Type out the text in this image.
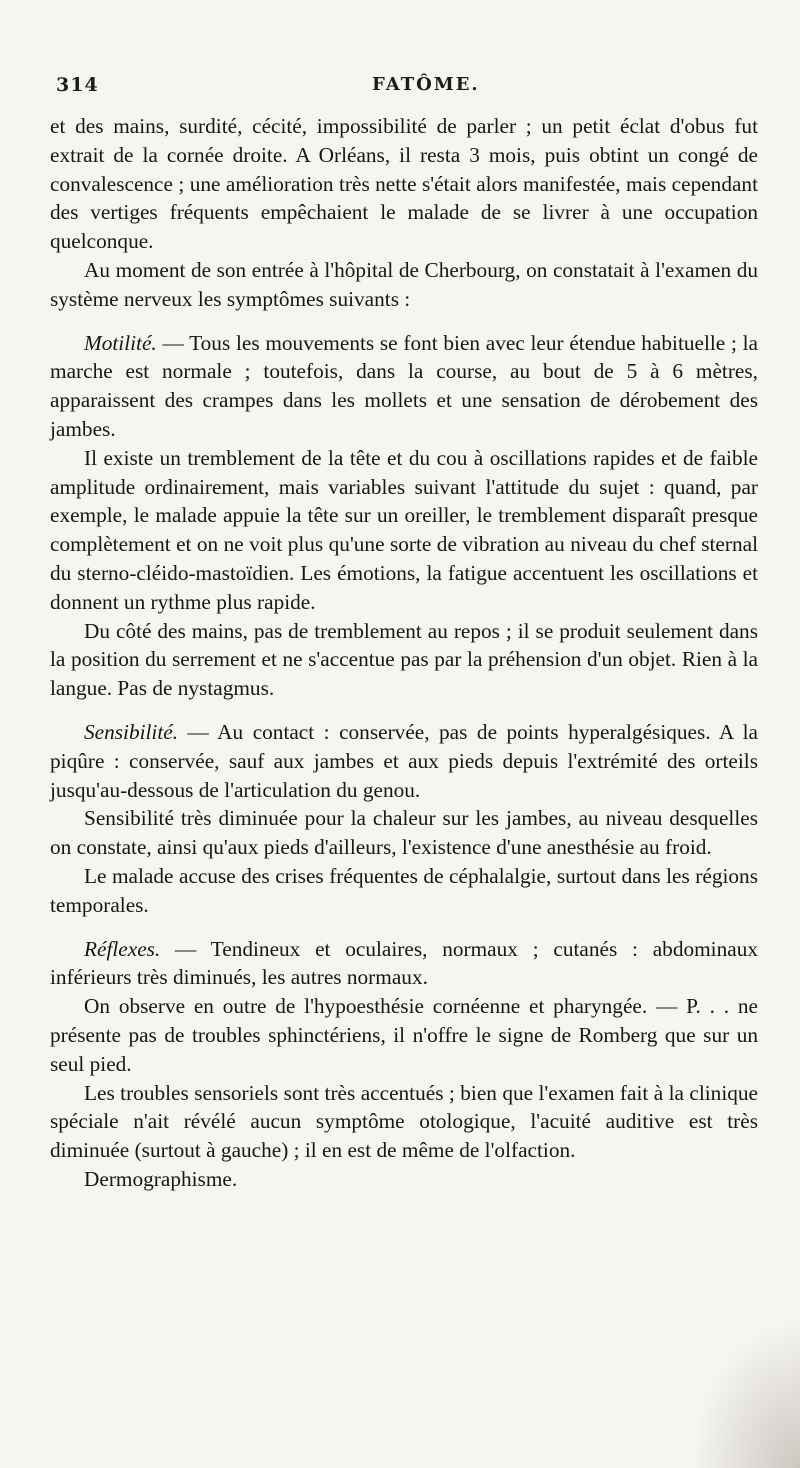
314	FATÔME.

et des mains, surdité, cécité, impossibilité de parler ; un petit éclat d'obus fut extrait de la cornée droite. A Orléans, il resta 3 mois, puis obtint un congé de convalescence ; une amélioration très nette s'était alors manifestée, mais cependant des vertiges fréquents empêchaient le malade de se livrer à une occupation quelconque.

Au moment de son entrée à l'hôpital de Cherbourg, on constatait à l'examen du système nerveux les symptômes suivants :

Motilité. — Tous les mouvements se font bien avec leur étendue habituelle ; la marche est normale ; toutefois, dans la course, au bout de 5 à 6 mètres, apparaissent des crampes dans les mollets et une sensation de dérobement des jambes.

Il existe un tremblement de la tête et du cou à oscillations rapides et de faible amplitude ordinairement, mais variables suivant l'attitude du sujet : quand, par exemple, le malade appuie la tête sur un oreiller, le tremblement disparaît presque complètement et on ne voit plus qu'une sorte de vibration au niveau du chef sternal du sterno-cléido-mastoïdien. Les émotions, la fatigue accentuent les oscillations et donnent un rythme plus rapide.

Du côté des mains, pas de tremblement au repos ; il se produit seulement dans la position du serrement et ne s'accentue pas par la préhension d'un objet. Rien à la langue. Pas de nystagmus.

Sensibilité. — Au contact : conservée, pas de points hyperalgésiques. A la piqûre : conservée, sauf aux jambes et aux pieds depuis l'extrémité des orteils jusqu'au-dessous de l'articulation du genou.

Sensibilité très diminuée pour la chaleur sur les jambes, au niveau desquelles on constate, ainsi qu'aux pieds d'ailleurs, l'existence d'une anesthésie au froid.

Le malade accuse des crises fréquentes de céphalalgie, surtout dans les régions temporales.

Réflexes. — Tendineux et oculaires, normaux ; cutanés : abdominaux inférieurs très diminués, les autres normaux.

On observe en outre de l'hypoesthésie cornéenne et pharyngée. — P. . . ne présente pas de troubles sphinctériens, il n'offre le signe de Romberg que sur un seul pied.

Les troubles sensoriels sont très accentués ; bien que l'examen fait à la clinique spéciale n'ait révélé aucun symptôme otologique, l'acuité auditive est très diminuée (surtout à gauche) ; il en est de même de l'olfaction.

Dermographisme.
